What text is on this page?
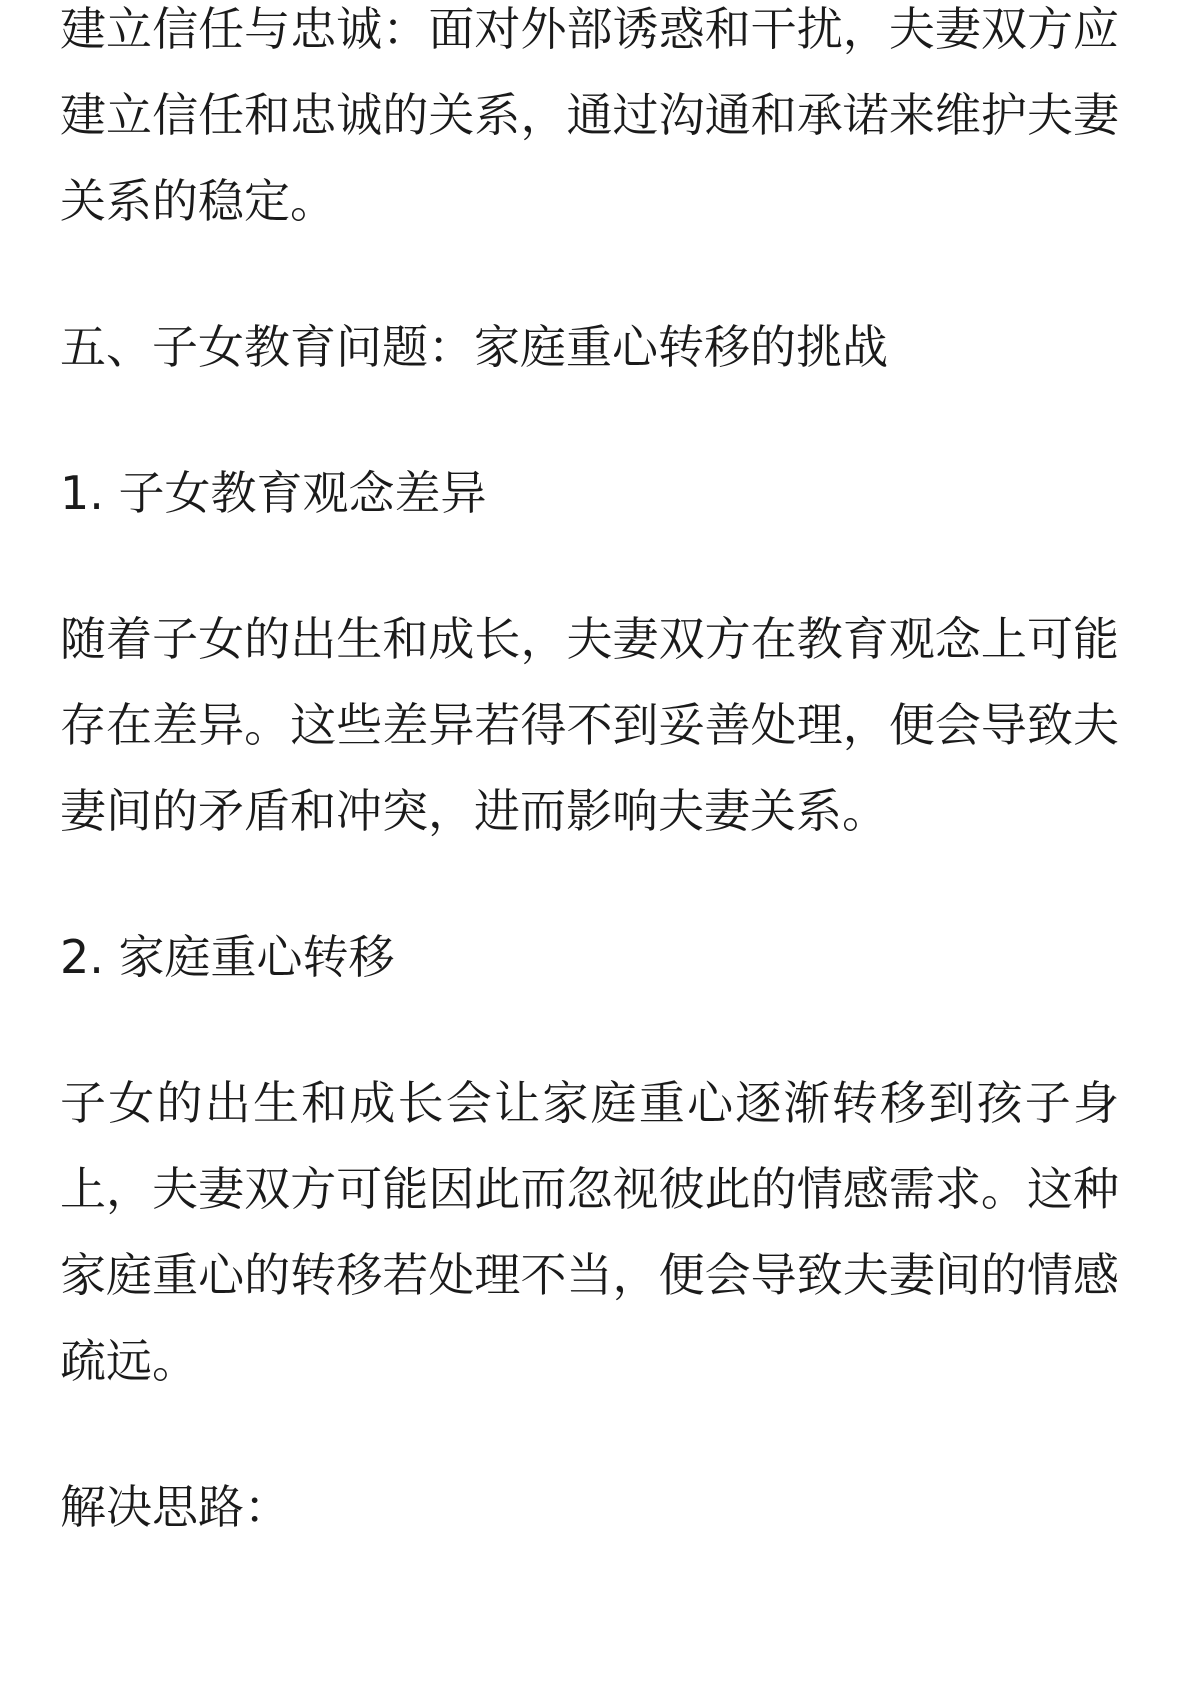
建立信任与忠诚：面对外部诱惑和干扰，夫妻双方应建立信任和忠诚的关系，通过沟通和承诺来维护夫妻关系的稳定。

五、子女教育问题：家庭重心转移的挑战

1. 子女教育观念差异

随着子女的出生和成长，夫妻双方在教育观念上可能存在差异。这些差异若得不到妥善处理，便会导致夫妻间的矛盾和冲突，进而影响夫妻关系。

2. 家庭重心转移

子女的出生和成长会让家庭重心逐渐转移到孩子身上，夫妻双方可能因此而忽视彼此的情感需求。这种家庭重心的转移若处理不当，便会导致夫妻间的情感疏远。

解决思路：
